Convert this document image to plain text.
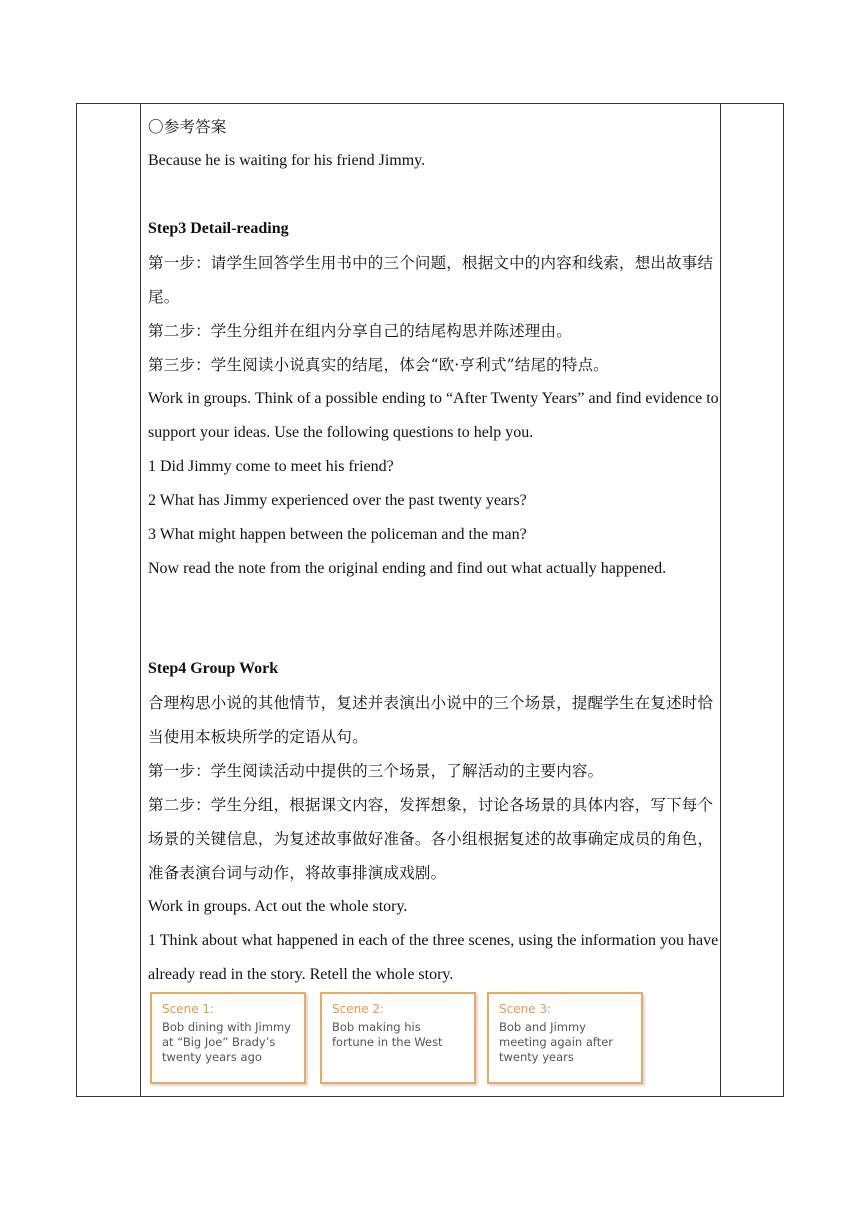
〇参考答案
Because he is waiting for his friend Jimmy.
Step3 Detail-reading
第一步：请学生回答学生用书中的三个问题，根据文中的内容和线索，想出故事结尾。
第二步：学生分组并在组内分享自己的结尾构思并陈述理由。
第三步：学生阅读小说真实的结尾，体会“欧·亨利式”结尾的特点。
Work in groups. Think of a possible ending to “After Twenty Years” and find evidence to support your ideas. Use the following questions to help you.
1 Did Jimmy come to meet his friend?
2 What has Jimmy experienced over the past twenty years?
3 What might happen between the policeman and the man?
Now read the note from the original ending and find out what actually happened.
Step4 Group Work
合理构思小说的其他情节，复述并表演出小说中的三个场景，提醒学生在复述时恰当使用本板块所学的定语从句。
第一步：学生阅读活动中提供的三个场景，了解活动的主要内容。
第二步：学生分组，根据课文内容，发挥想象，讨论各场景的具体内容，写下每个场景的关键信息，为复述故事做好准备。各小组根据复述的故事确定成员的角色，准备表演台词与动作，将故事排演成戏剧。
Work in groups. Act out the whole story.
1 Think about what happened in each of the three scenes, using the information you have already read in the story. Retell the whole story.
Scene 1:
Bob dining with Jimmy at “Big Joe” Brady’s twenty years ago
Scene 2:
Bob making his fortune in the West
Scene 3:
Bob and Jimmy meeting again after twenty years
